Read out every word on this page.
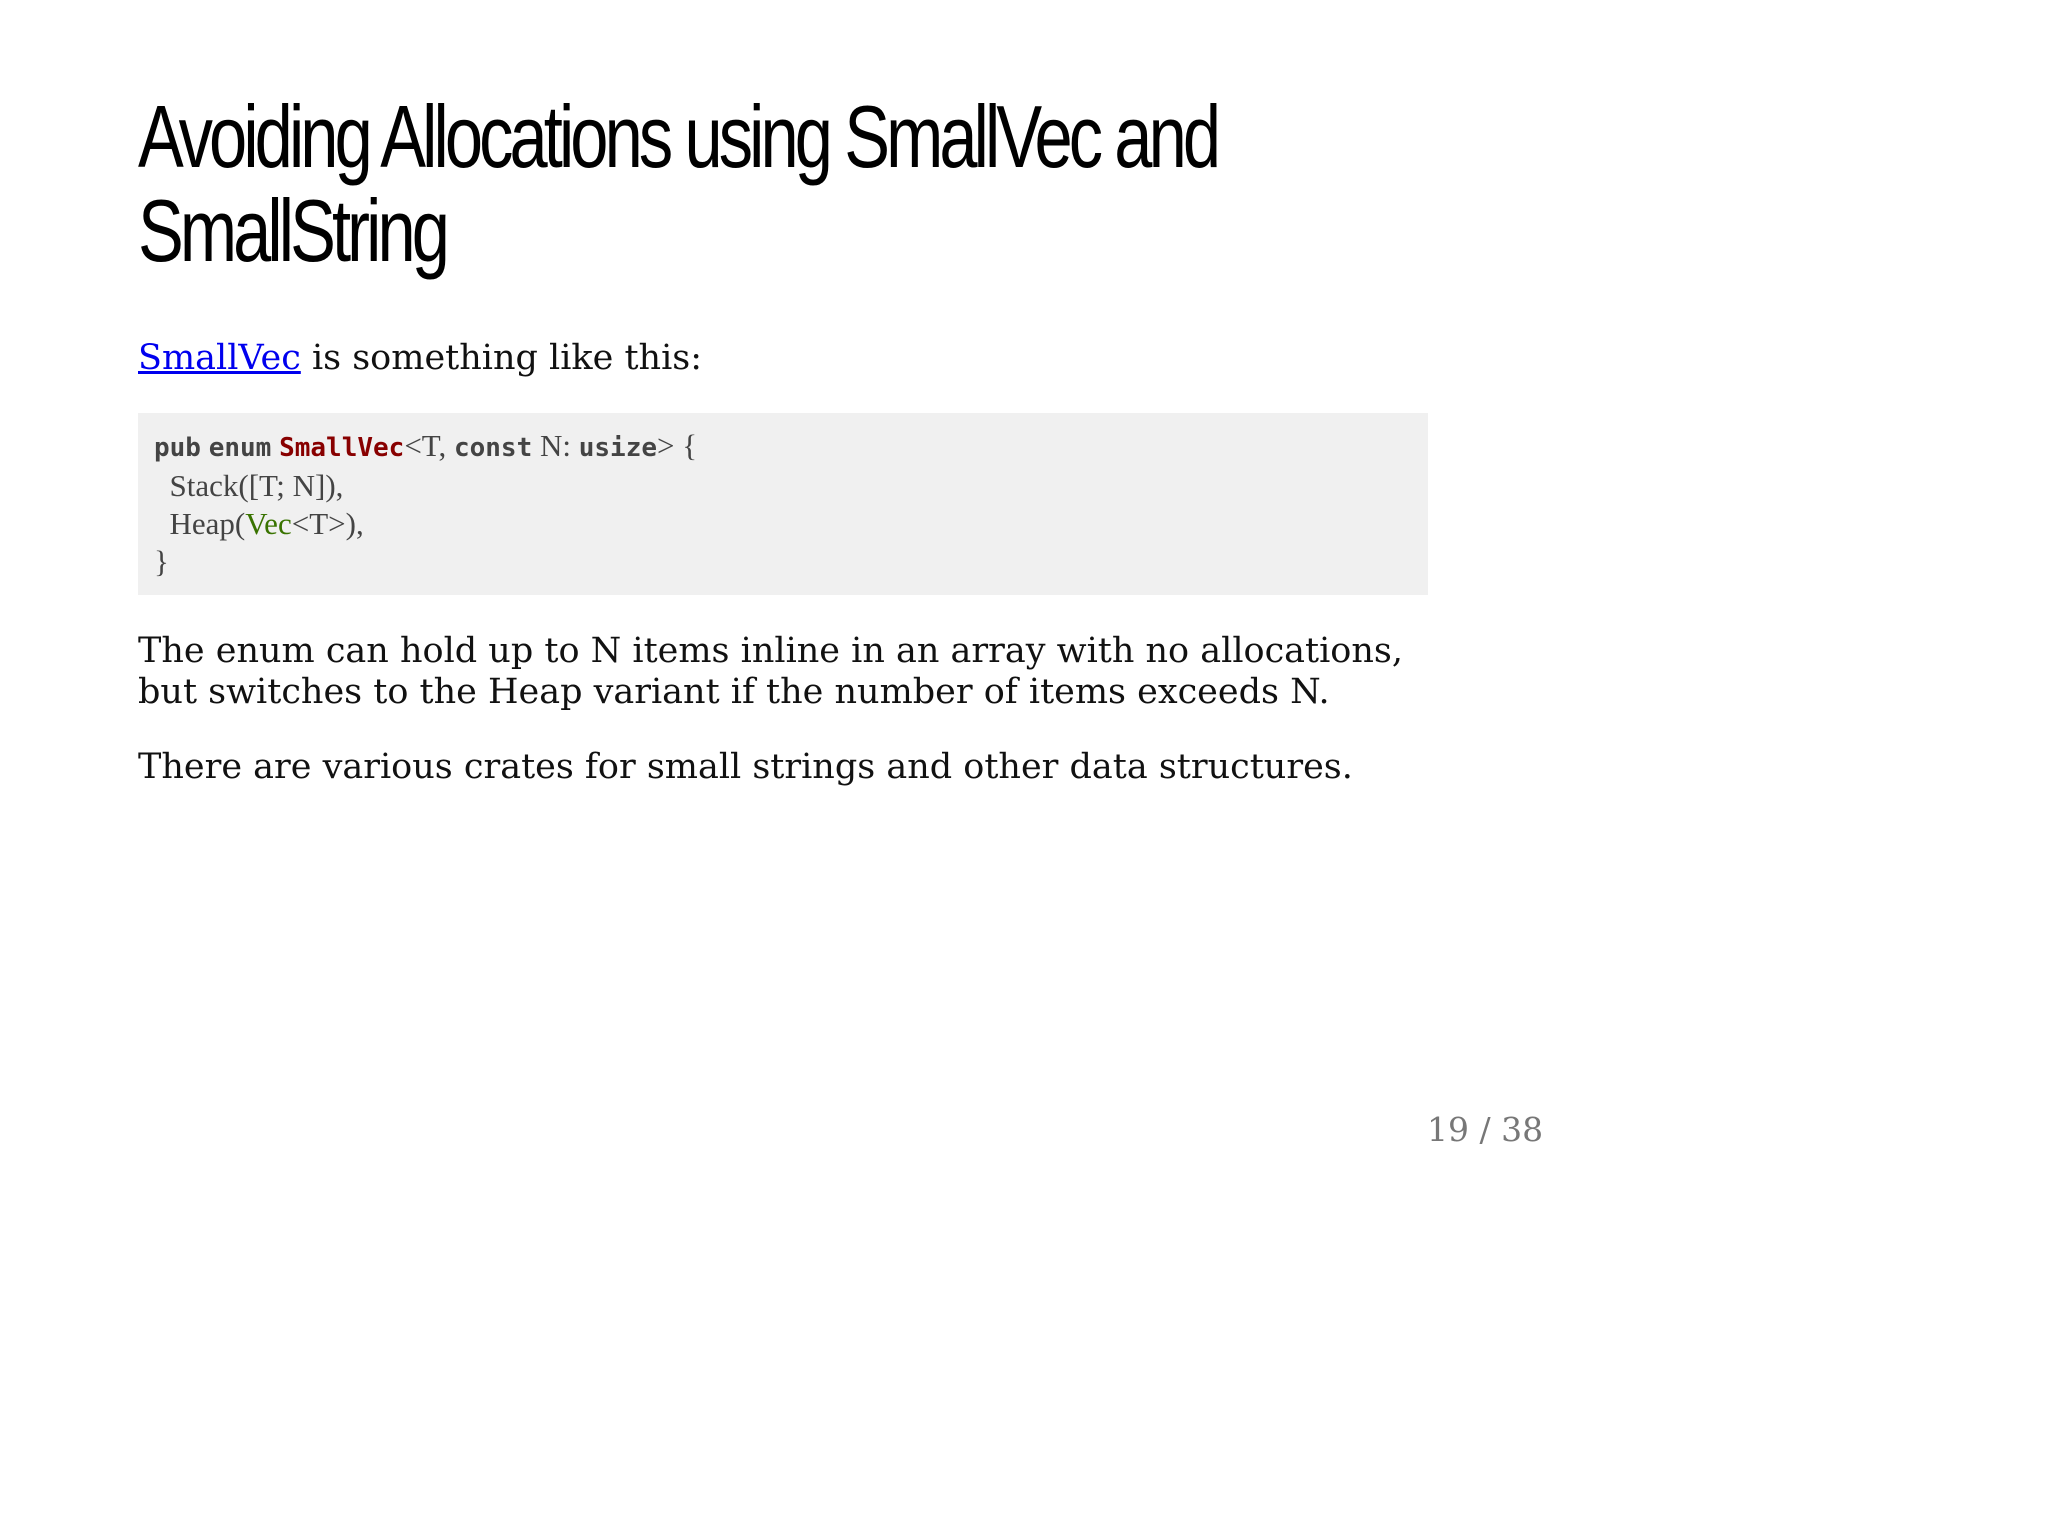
Avoiding Allocations using SmallVec and SmallString

SmallVec is something like this:

pub enum SmallVec<T, const N: usize> {
Stack([T; N]),
Heap(Vec<T>),
}

The enum can hold up to N items inline in an array with no allocations, but switches to the Heap variant if the number of items exceeds N.

There are various crates for small strings and other data structures.

19 / 38
